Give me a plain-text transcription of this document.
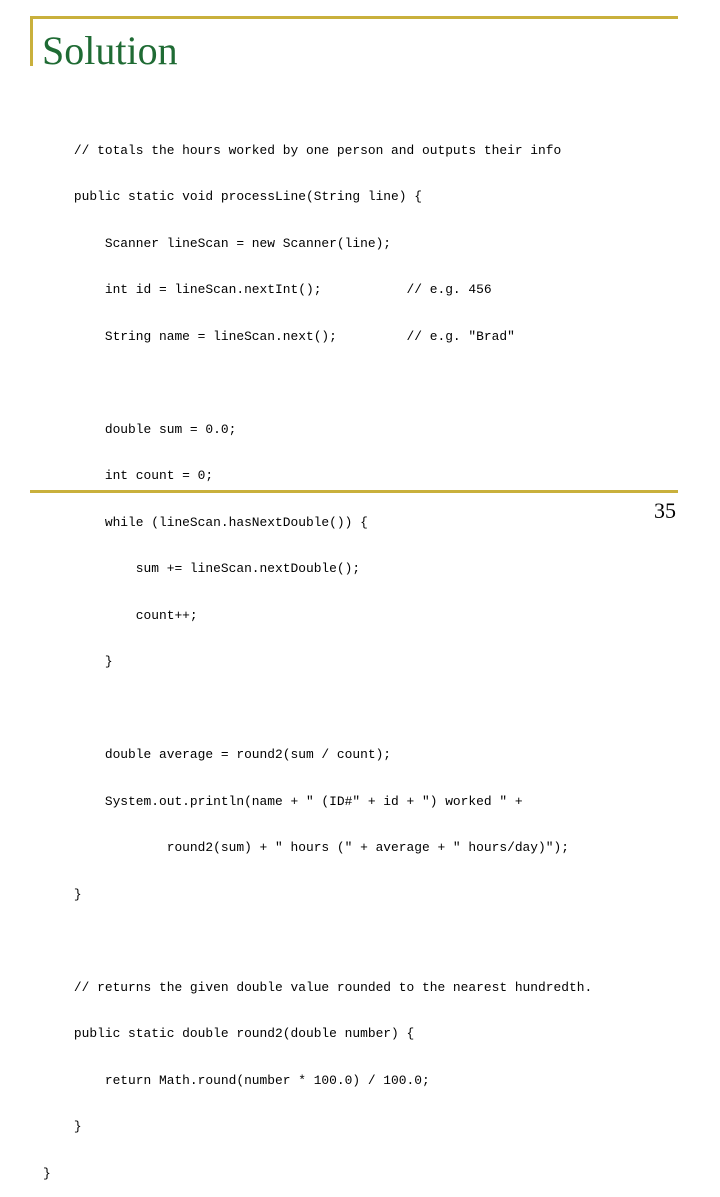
Solution

// totals the hours worked by one person and outputs their info

public static void processLine(String line) {

Scanner lineScan = new Scanner(line);

int id = lineScan.nextInt();           // e.g. 456

String name = lineScan.next();         // e.g. "Brad"

double sum = 0.0;

int count = 0;

while (lineScan.hasNextDouble()) {

sum += lineScan.nextDouble();

count++;

}

double average = round2(sum / count);

System.out.println(name + " (ID#" + id + ") worked " +

round2(sum) + " hours (" + average + " hours/day)");

}

// returns the given double value rounded to the nearest hundredth.

public static double round2(double number) {

return Math.round(number * 100.0) / 100.0;

}

}

35
